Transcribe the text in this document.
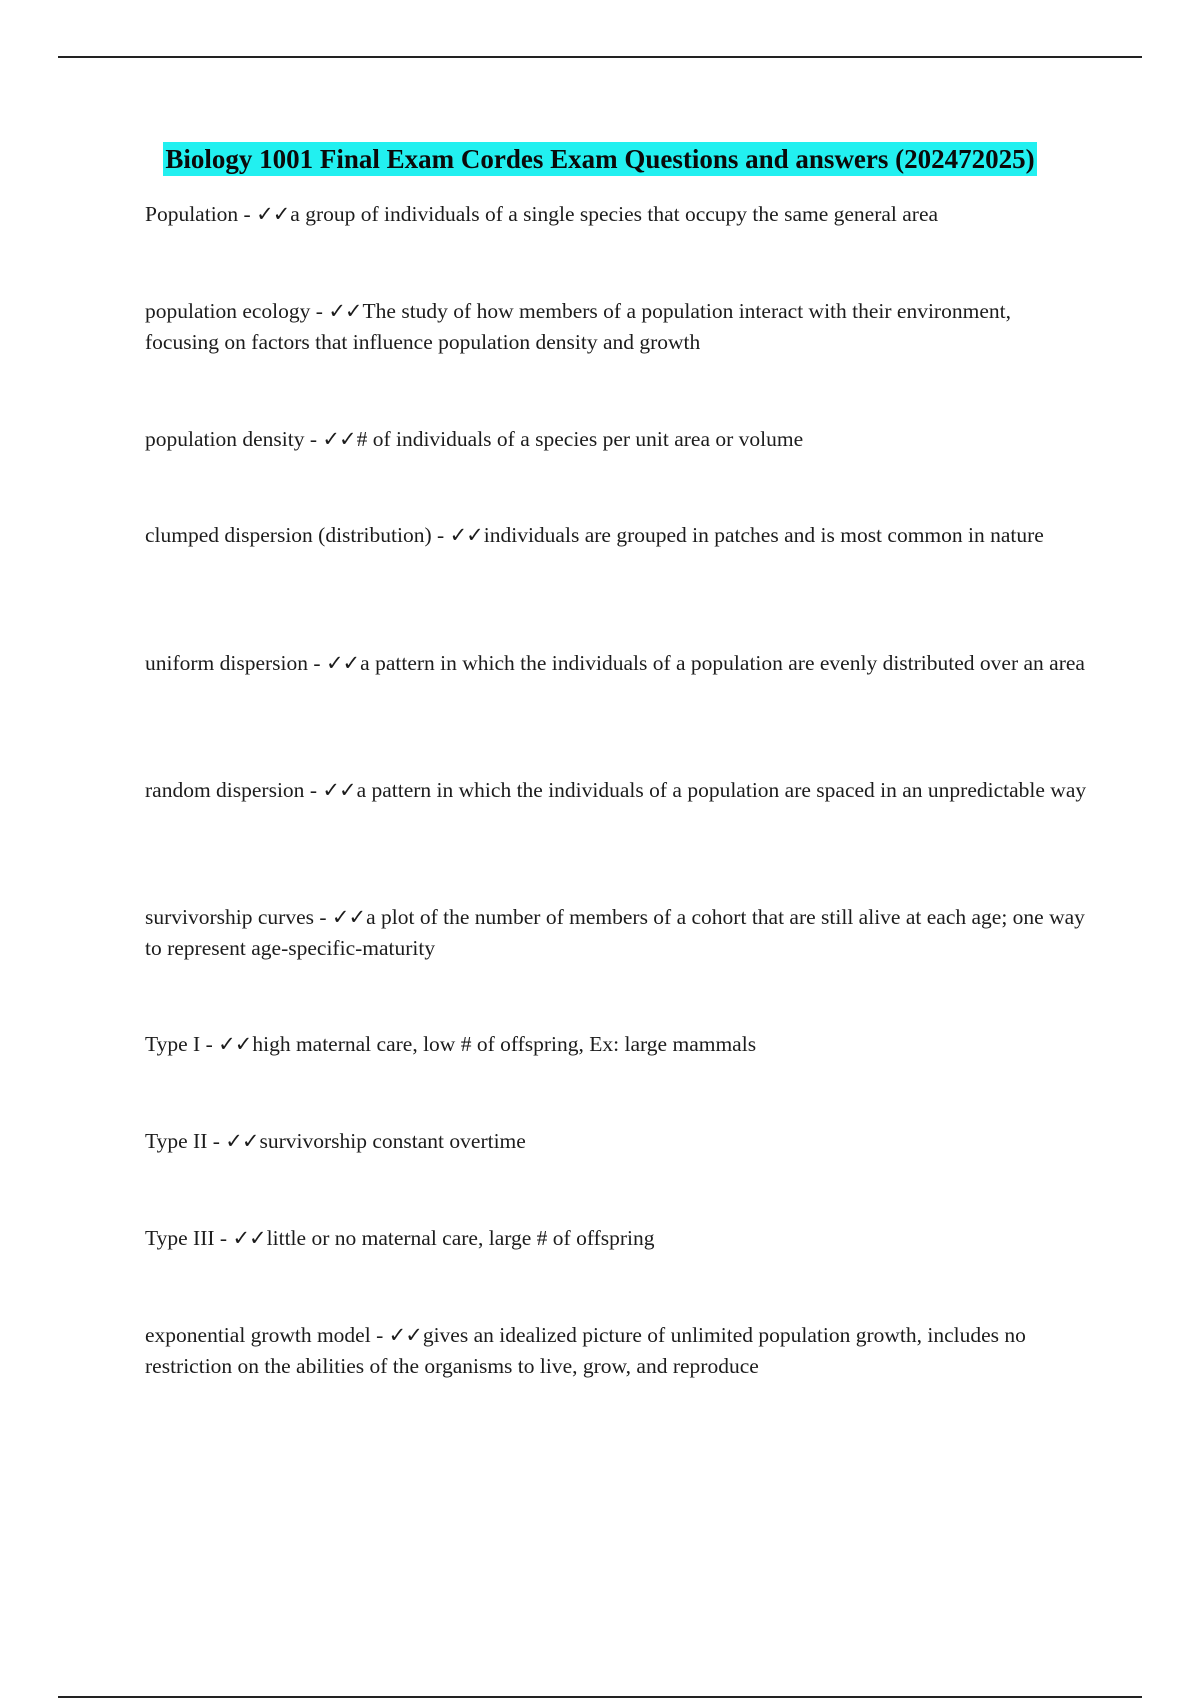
Biology 1001 Final Exam Cordes Exam Questions and answers (202472025)
Population - ✓✓a group of individuals of a single species that occupy the same general area
population ecology - ✓✓The study of how members of a population interact with their environment, focusing on factors that influence population density and growth
population density - ✓✓# of individuals of a species per unit area or volume
clumped dispersion (distribution) - ✓✓individuals are grouped in patches and is most common in nature
uniform dispersion - ✓✓a pattern in which the individuals of a population are evenly distributed over an area
random dispersion - ✓✓a pattern in which the individuals of a population are spaced in an unpredictable way
survivorship curves - ✓✓a plot of the number of members of a cohort that are still alive at each age; one way to represent age-specific-maturity
Type I - ✓✓high maternal care, low # of offspring, Ex: large mammals
Type II - ✓✓survivorship constant overtime
Type III - ✓✓little or no maternal care, large # of offspring
exponential growth model - ✓✓gives an idealized picture of unlimited population growth, includes no restriction on the abilities of the organisms to live, grow, and reproduce
